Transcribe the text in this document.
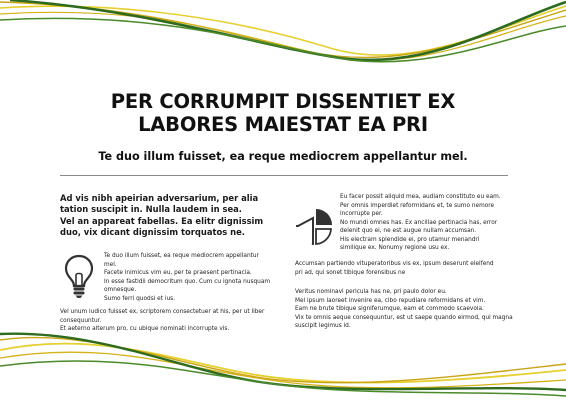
PER CORRUMPIT DISSENTIET EX
LABORES MAIESTAT EA PRI

Te duo illum fuisset, ea reque mediocrem appellantur mel.

Ad vis nibh apeirian adversarium, per alia
tation suscipit in. Nulla laudem in sea.
Vel an appareat fabellas. Ea elitr dignissim
duo, vix dicant dignissim torquatos ne.

Te duo illum fuisset, ea reque mediocrem appellantur
mel.
Facete inimicus vim eu, per te praesent pertinacia.
In esse fastidii democritum quo. Cum cu ignota nusquam
omnesque.
Sumo ferri quodsi et ius.
Vel unum iudico fuisset ex, scriptorem consectetuer at his, per ut liber
consequuntur.
Et aeterno alterum pro, cu ubique nominati incorrupte vis.
Eu facer possit aliquid mea, audiam constituto eu eam.
Per omnis imperdiet reformidans et, te sumo nemore
incorrupte per.
No mundi omnes has. Ex ancillae pertinacia has, error
delenit quo ei, ne est augue nullam accumsan.
His electram splendide ei, pro utamur menandri
similique ex. Nonumy regione usu ex.
Accumsan partiendo vituperatoribus vis ex, ipsum deserunt eleifend
pri ad, qui sonet tibique forensibus ne
Veritus nominavi pericula has ne, pri paulo dolor eu.
Mel ipsum laoreet invenire ea, cibo repudiare reformidans et vim.
Eam ne brute tibique signiferumque, eam et commodo scaevola.
Vix te omnis aeque consequuntur, est ut saepe quando eirmod, qui magna
suscipit legimus id.
